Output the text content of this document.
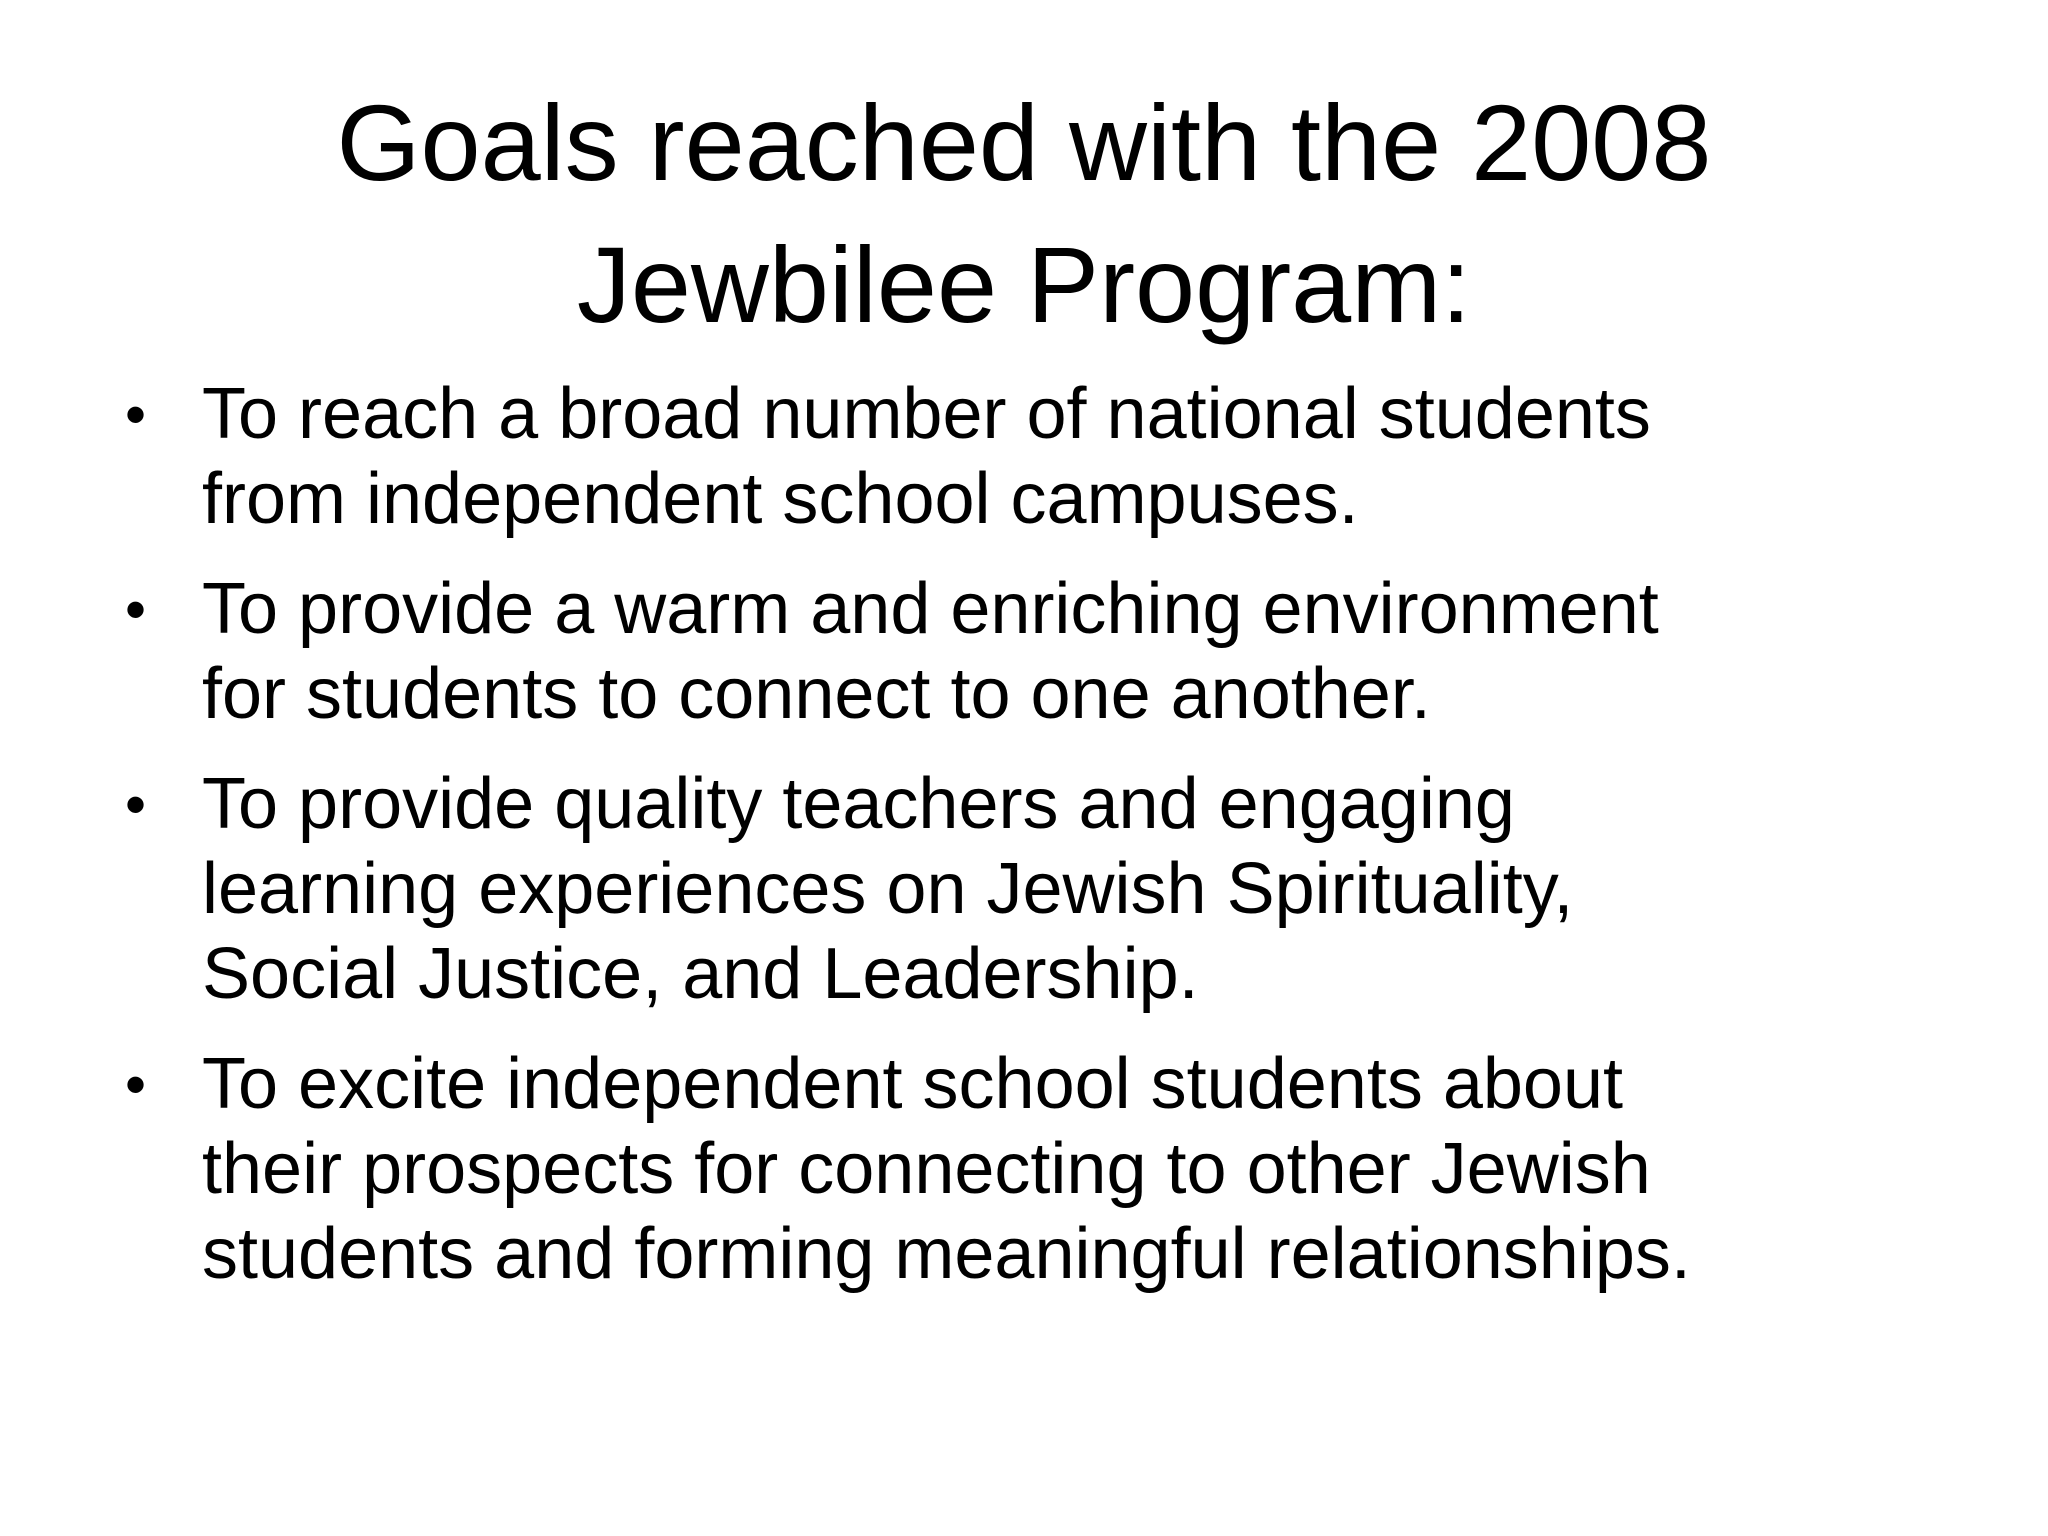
Goals reached with the 2008
Jewbilee Program:
• To reach a broad number of national students
from independent school campuses.
• To provide a warm and enriching environment
for students to connect to one another.
• To provide quality teachers and engaging
learning experiences on Jewish Spirituality,
Social Justice, and Leadership.
• To excite independent school students about
their prospects for connecting to other Jewish
students and forming meaningful relationships.
